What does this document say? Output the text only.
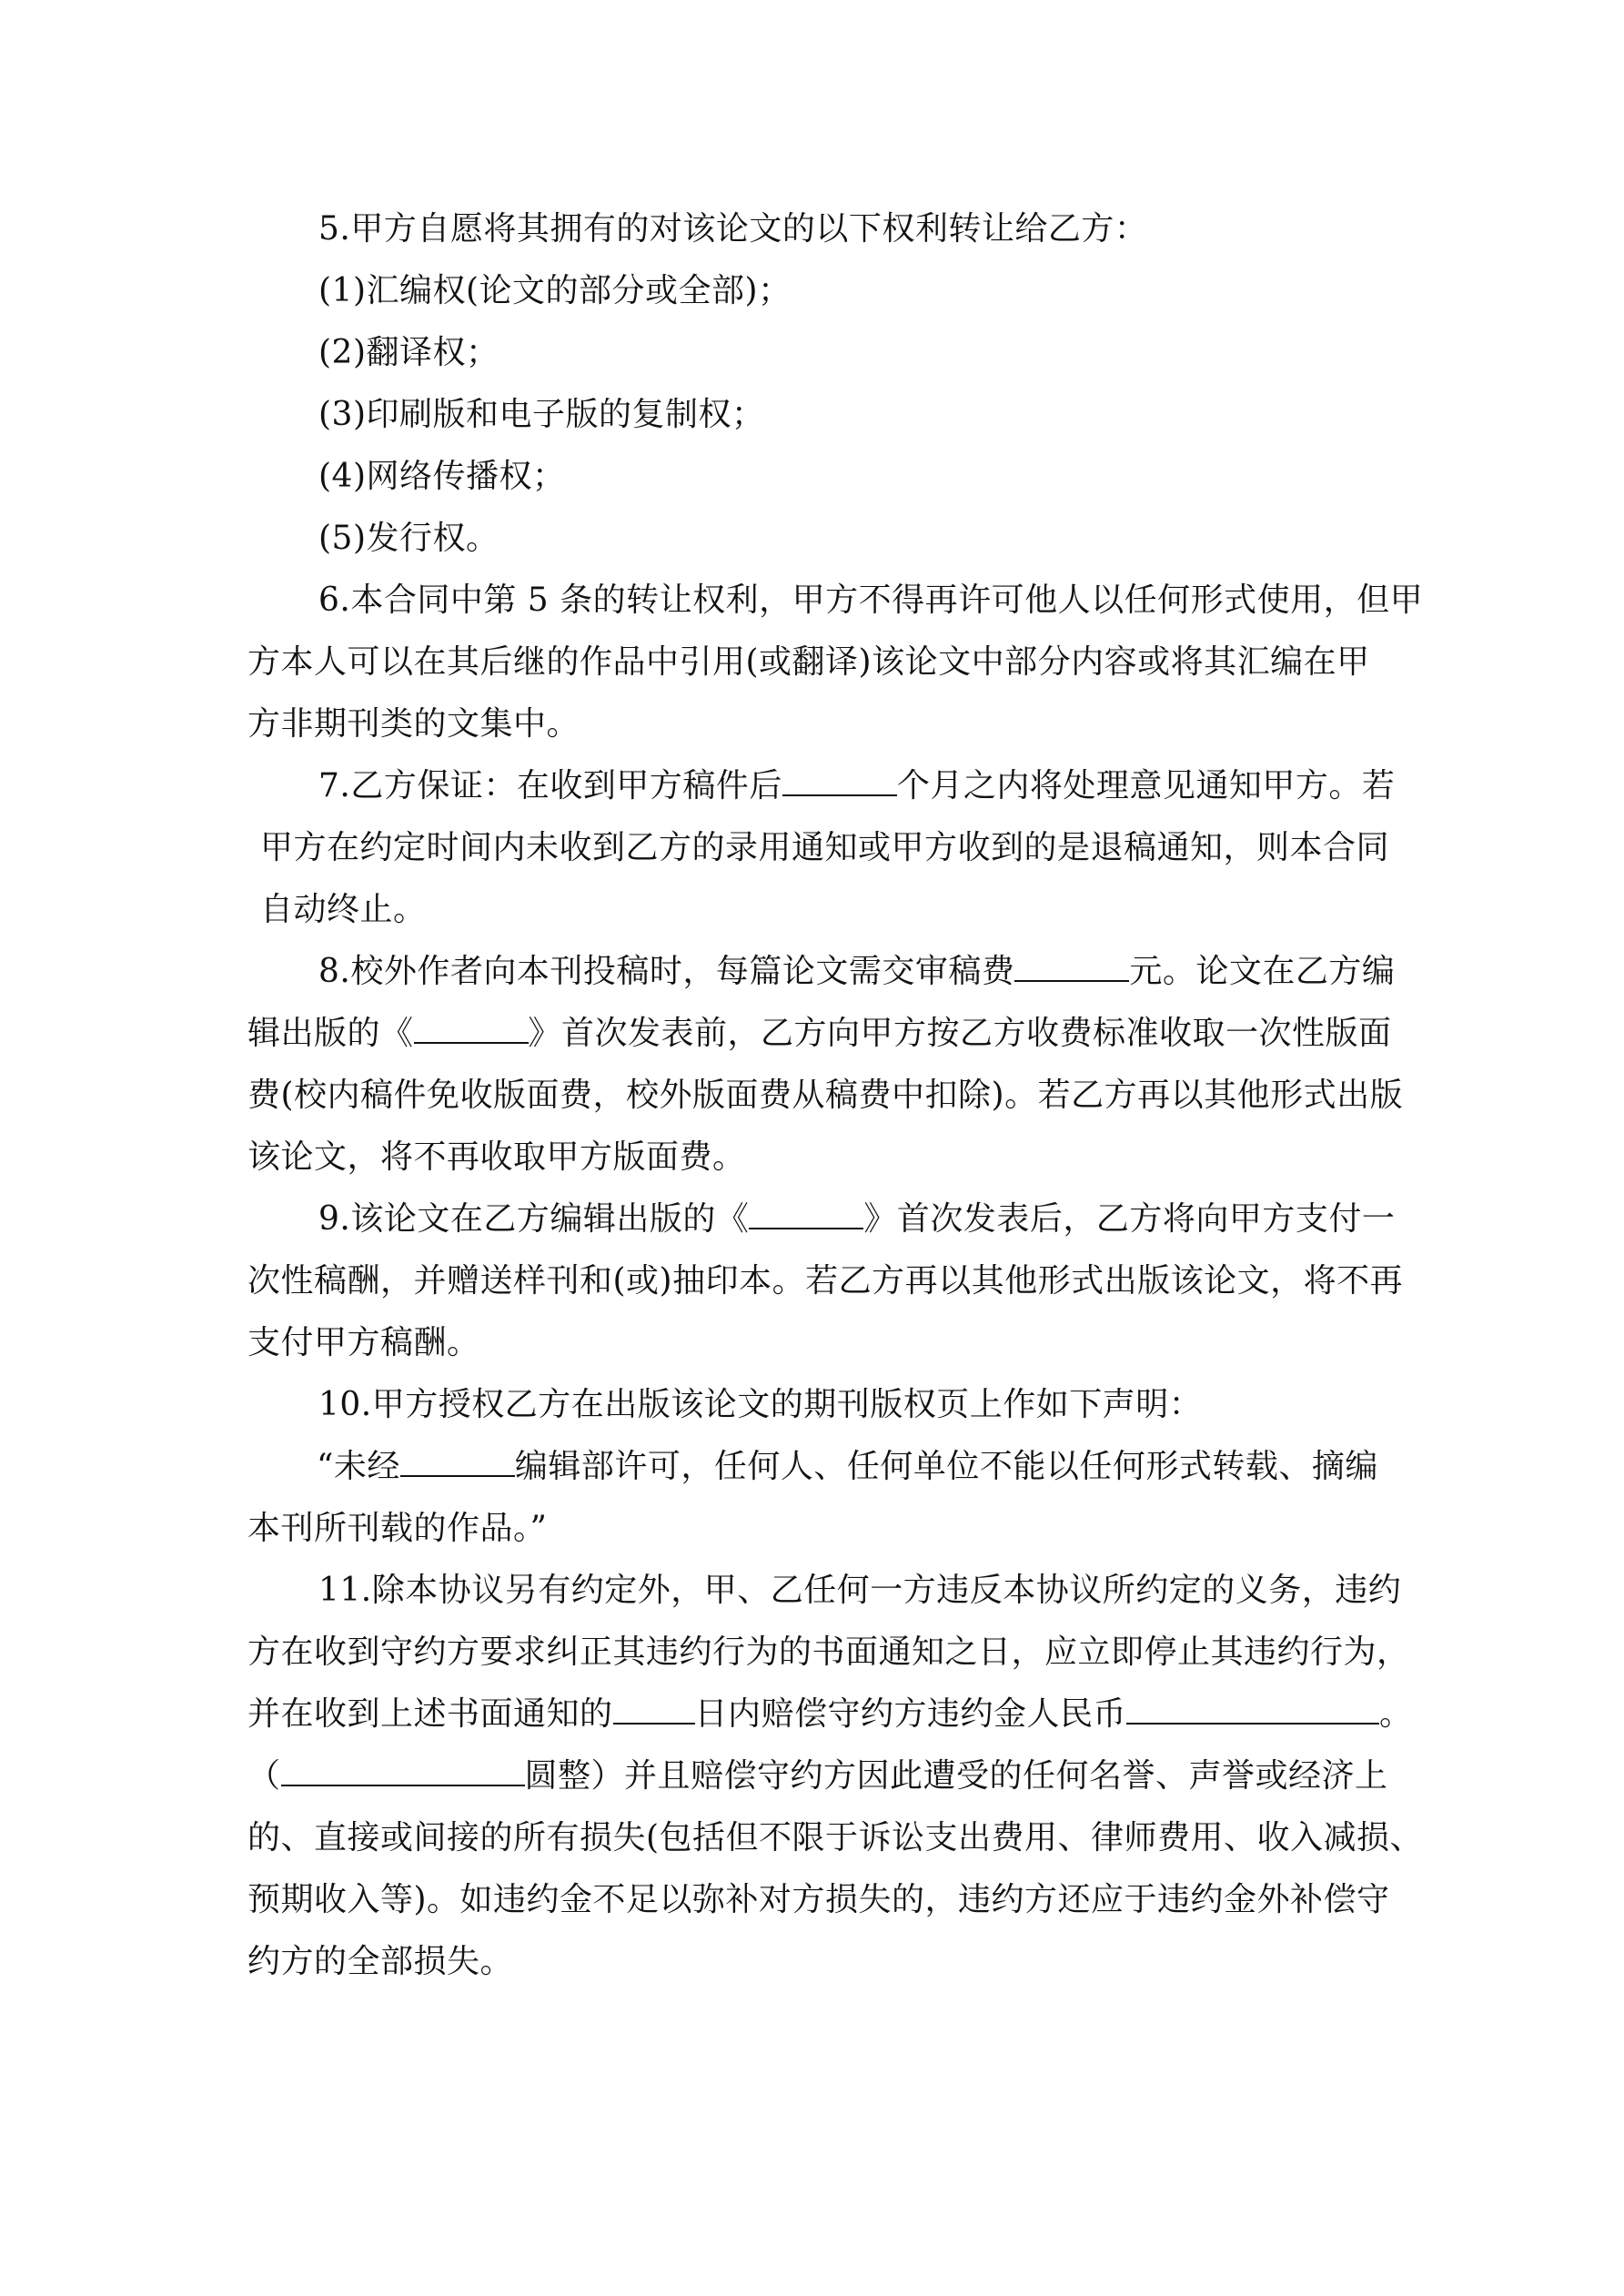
5.甲方自愿将其拥有的对该论文的以下权利转让给乙方：
(1)汇编权(论文的部分或全部)；
(2)翻译权；
(3)印刷版和电子版的复制权；
(4)网络传播权；
(5)发行权。
6.本合同中第 5 条的转让权利，甲方不得再许可他人以任何形式使用，但甲
方本人可以在其后继的作品中引用(或翻译)该论文中部分内容或将其汇编在甲
方非期刊类的文集中。
7.乙方保证：在收到甲方稿件后	个月之内将处理意见通知甲方。若
甲方在约定时间内未收到乙方的录用通知或甲方收到的是退稿通知，则本合同
自动终止。
8.校外作者向本刊投稿时，每篇论文需交审稿费	元。论文在乙方编
辑出版的《	》首次发表前，乙方向甲方按乙方收费标准收取一次性版面
费(校内稿件免收版面费，校外版面费从稿费中扣除)。若乙方再以其他形式出版
该论文，将不再收取甲方版面费。
9.该论文在乙方编辑出版的《	》首次发表后，乙方将向甲方支付一
次性稿酬，并赠送样刊和(或)抽印本。若乙方再以其他形式出版该论文，将不再
支付甲方稿酬。
10.甲方授权乙方在出版该论文的期刊版权页上作如下声明：
“未经	编辑部许可，任何人、任何单位不能以任何形式转载、摘编
本刊所刊载的作品。”
11.除本协议另有约定外，甲、乙任何一方违反本协议所约定的义务，违约
方在收到守约方要求纠正其违约行为的书面通知之日，应立即停止其违约行为，
并在收到上述书面通知的	日内赔偿守约方违约金人民币	。
（	圆整）并且赔偿守约方因此遭受的任何名誉、声誉或经济上
的、直接或间接的所有损失(包括但不限于诉讼支出费用、律师费用、收入减损、
预期收入等)。如违约金不足以弥补对方损失的，违约方还应于违约金外补偿守
约方的全部损失。
